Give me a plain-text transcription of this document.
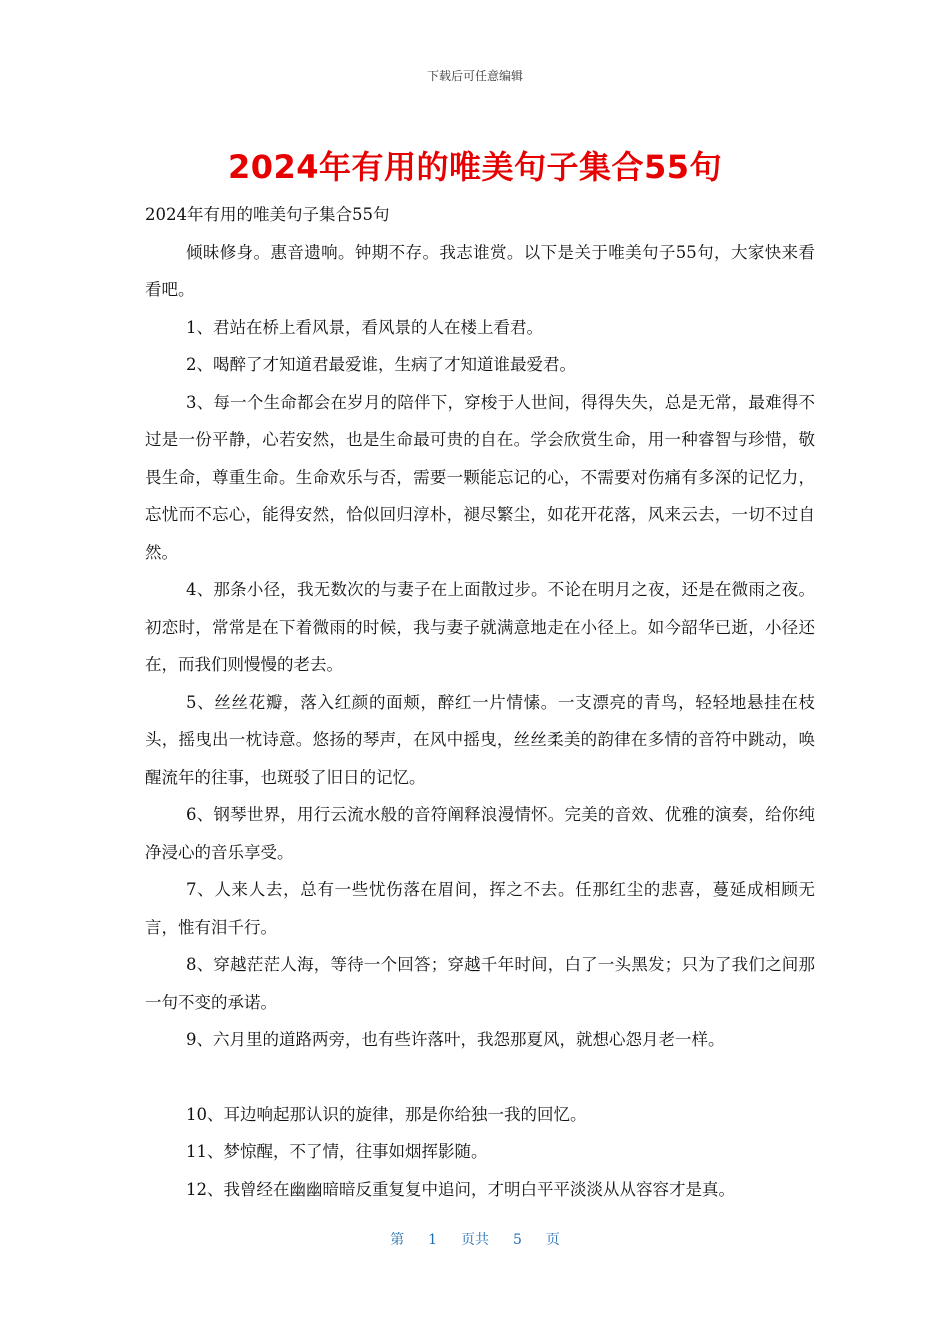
下载后可任意编辑
2024年有用的唯美句子集合55句

2024年有用的唯美句子集合55句

倾昧修身。惠音遗响。钟期不存。我志谁赏。以下是关于唯美句子55句，大家快来看看吧。

1、君站在桥上看风景，看风景的人在楼上看君。

2、喝醉了才知道君最爱谁，生病了才知道谁最爱君。

3、每一个生命都会在岁月的陪伴下，穿梭于人世间，得得失失，总是无常，最难得不过是一份平静，心若安然，也是生命最可贵的自在。学会欣赏生命，用一种睿智与珍惜，敬畏生命，尊重生命。生命欢乐与否，需要一颗能忘记的心，不需要对伤痛有多深的记忆力，忘忧而不忘心，能得安然，恰似回归淳朴，褪尽繁尘，如花开花落，风来云去，一切不过自然。

4、那条小径，我无数次的与妻子在上面散过步。不论在明月之夜，还是在微雨之夜。初恋时，常常是在下着微雨的时候，我与妻子就满意地走在小径上。如今韶华已逝，小径还在，而我们则慢慢的老去。

5、丝丝花瓣，落入红颜的面颊，醉红一片情愫。一支漂亮的青鸟，轻轻地悬挂在枝头，摇曳出一枕诗意。悠扬的琴声，在风中摇曳，丝丝柔美的韵律在多情的音符中跳动，唤醒流年的往事，也斑驳了旧日的记忆。

6、钢琴世界，用行云流水般的音符阐释浪漫情怀。完美的音效、优雅的演奏，给你纯净浸心的音乐享受。

7、人来人去，总有一些忧伤落在眉间，挥之不去。任那红尘的悲喜，蔓延成相顾无言，惟有泪千行。

8、穿越茫茫人海，等待一个回答；穿越千年时间，白了一头黑发；只为了我们之间那一句不变的承诺。

9、六月里的道路两旁，也有些许落叶，我怨那夏风，就想心怨月老一样。

10、耳边响起那认识的旋律，那是你给独一我的回忆。

11、梦惊醒，不了情，往事如烟挥影随。

12、我曾经在幽幽暗暗反重复复中追问，才明白平平淡淡从从容容才是真。

第 1 页共 5 页
